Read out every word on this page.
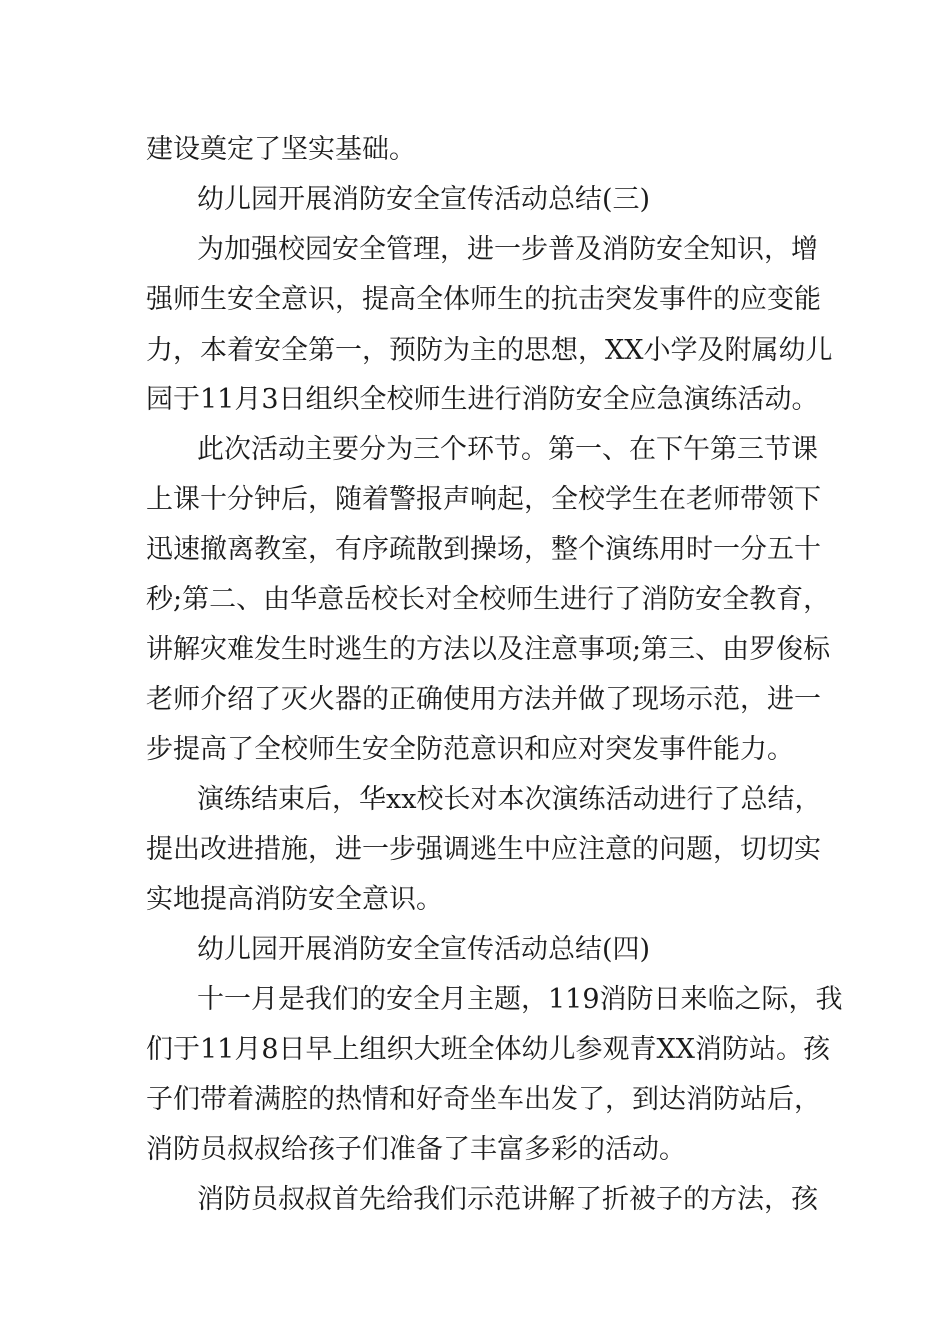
建设奠定了坚实基础。
幼儿园开展消防安全宣传活动总结(三)
为加强校园安全管理，进一步普及消防安全知识，增
强师生安全意识，提高全体师生的抗击突发事件的应变能
力，本着安全第一，预防为主的思想，XX小学及附属幼儿
园于11月3日组织全校师生进行消防安全应急演练活动。
此次活动主要分为三个环节。第一、在下午第三节课
上课十分钟后，随着警报声响起，全校学生在老师带领下
迅速撤离教室，有序疏散到操场，整个演练用时一分五十
秒;第二、由华意岳校长对全校师生进行了消防安全教育，
讲解灾难发生时逃生的方法以及注意事项;第三、由罗俊标
老师介绍了灭火器的正确使用方法并做了现场示范，进一
步提高了全校师生安全防范意识和应对突发事件能力。
演练结束后，华xx校长对本次演练活动进行了总结，
提出改进措施，进一步强调逃生中应注意的问题，切切实
实地提高消防安全意识。
幼儿园开展消防安全宣传活动总结(四)
十一月是我们的安全月主题，119消防日来临之际，我
们于11月8日早上组织大班全体幼儿参观青XX消防站。孩
子们带着满腔的热情和好奇坐车出发了，到达消防站后，
消防员叔叔给孩子们准备了丰富多彩的活动。
消防员叔叔首先给我们示范讲解了折被子的方法，孩
